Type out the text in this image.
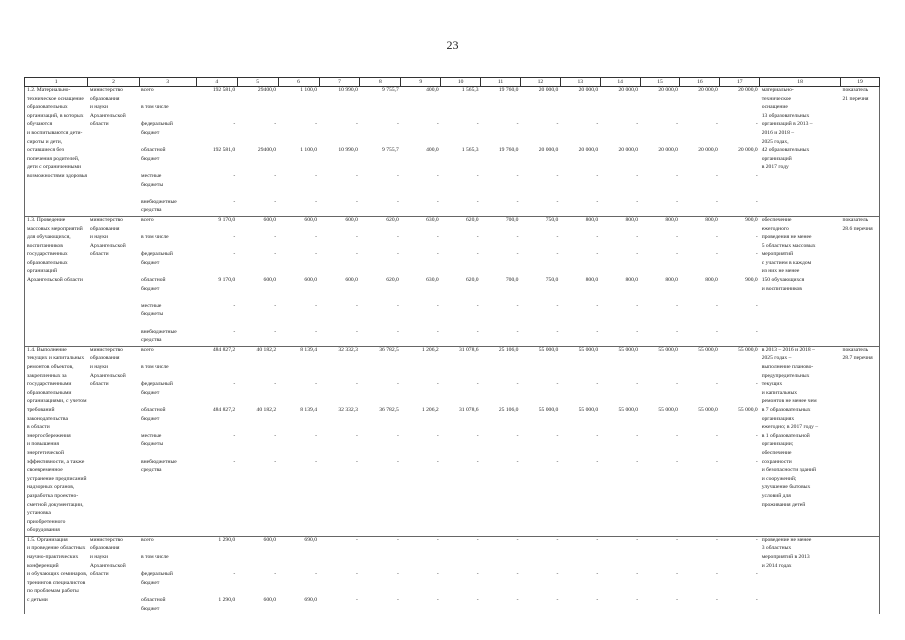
23
1	2	3	4	5	6	7	8	9	10	11	12	13	14	15	16	17	18	19
1.2. Материально-	министерство	всего	192 581,0	29400,0	1 100,0	10 990,0	9 755,7	400,0	1 565,3	19 760,0	20 000,0	20 000,0	20 000,0	20 000,0	20 000,0	20 000,0	материально-	показатель
техническое оснащение	образования																техническое	21 перечня
образовательных	и науки	в том числе															оснащение	
организаций, в которых	Архангельской																13 образовательных	
обучаются	области	федеральный	-	-	-	-	-	-	-	-	-	-	-	-	-	-	организаций в 2013 –	
и воспитываются дети-		бюджет															2016 и 2018 –	
сироты и дети,																	2025 годах,	
оставшиеся без		областной	192 581,0	29400,0	1 100,0	10 990,0	9 755,7	400,0	1 565,3	19 760,0	20 000,0	20 000,0	20 000,0	20 000,0	20 000,0	20 000,0	42 образовательных	
попечения родителей,		бюджет															организаций	
дети с ограниченными																	в 2017 году	
возможностями здоровья		местные	-	-	-	-	-	-	-	-	-	-	-	-	-	-		
		бюджеты																

		внебюджетные	-	-	-	-	-	-	-	-	-	-	-	-	-	-		
		средства																
1.3. Проведение	министерство	всего	9 170,0	600,0	600,0	600,0	620,0	630,0	620,0	700,0	750,0	800,0	800,0	800,0	800,0	900,0	обеспечение	показатель
массовых мероприятий	образования																ежегодного	28.6 перечня
для обучающихся,	и науки	в том числе	-	-	-	-	-	-	-	-	-	-	-	-	-	-	проведения не менее	
воспитанников	Архангельской																5 областных массовых	
государственных	области	федеральный	-	-	-	-	-	-	-	-	-	-	-	-	-	-	мероприятий	
образовательных		бюджет															с участием в каждом	
организаций																	из них не менее	
Архангельской области		областной	9 170,0	600,0	600,0	600,0	620,0	630,0	620,0	700,0	750,0	800,0	800,0	800,0	800,0	900,0	150 обучающихся	
		бюджет															и воспитанников	

		местные	-	-	-	-	-	-	-	-	-	-	-	-	-	-		
		бюджеты																

		внебюджетные	-	-	-	-	-	-	-	-	-	-	-	-	-	-		
		средства																
1.4. Выполнение	министерство	всего	484 827,2	40 182,2	8 139,4	32 332,3	36 782,5	1 206,2	31 078,6	25 106,0	55 000,0	55 000,0	55 000,0	55 000,0	55 000,0	55 000,0	в 2013 – 2016 и 2018 –	показатель
текущих и капитальных	образования																2025 годах –	28.7 перечня
ремонтов объектов,	и науки	в том числе															выполнение планово-	
закрепленных за	Архангельской																предупредительных	
государственными	области	федеральный	-	-	-	-	-	-	-	-	-	-	-	-	-	-	текущих	
образовательными		бюджет															и капитальных	
организациями, с учетом																	ремонтов не менее чем	
требований		областной	484 827,2	40 182,2	8 139,4	32 332,3	36 782,5	1 206,2	31 078,6	25 106,0	55 000,0	55 000,0	55 000,0	55 000,0	55 000,0	55 000,0	в 7 образовательных	
законодательства		бюджет															организациях	
в области																	ежегодно; в 2017 году –	
энергосбережения		местные	-	-	-	-	-	-	-	-	-	-	-	-	-	-	в 1 образовательной	
и повышения		бюджеты															организации;	
энергетической																	обеспечение	
эффективности, а также		внебюджетные	-	-	-	-	-	-	-	-	-	-	-	-	-	-	сохранности	
своевременное		средства															и безопасности зданий	
устранение предписаний																	и сооружений;	
надзорных органов,																	улучшение бытовых	
разработка проектно-																	условий для	
сметной документации,																	проживания детей	
установка																		
приобретенного																		
оборудования																		
1.5. Организация	министерство	всего	1 290,0	600,0	690,0	-	-	-	-	-	-	-	-	-	-	-	проведение не менее	
и проведение областных	образования																3 областных	
научно-практических	и науки	в том числе															мероприятий в 2013	
конференций	Архангельской																и 2014 годах	
и обучающих семинаров,	области	федеральный	-	-	-	-	-	-	-	-	-	-	-	-	-	-		
тренингов специалистов		бюджет																
по проблемам работы																		
с детьми		областной	1 290,0	600,0	690,0	-	-	-	-	-	-	-	-	-	-	-		
		бюджет																
